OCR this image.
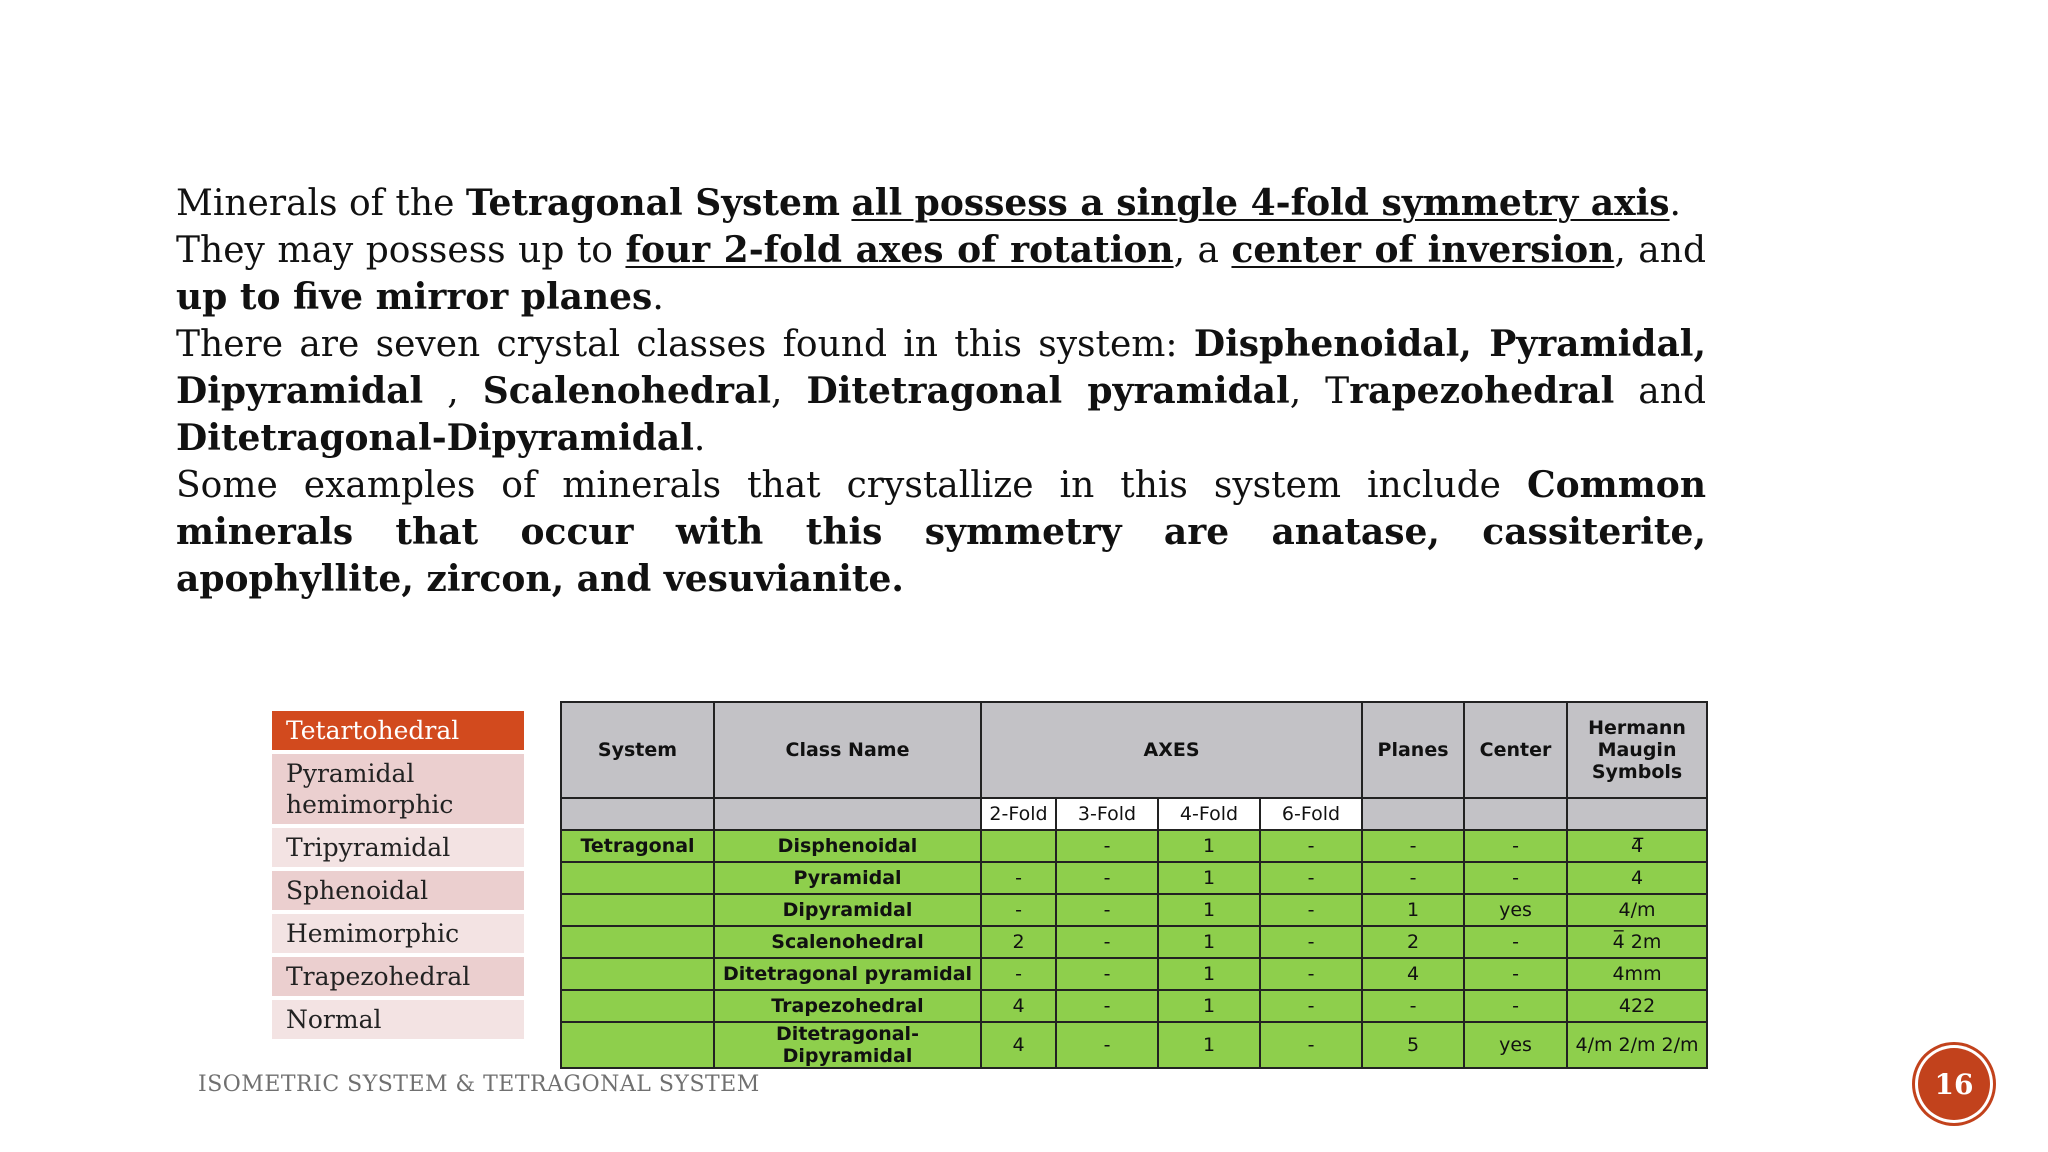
Minerals of the Tetragonal System all possess a single 4-fold symmetry axis.

They may possess up to four 2-fold axes of rotation, a center of inversion, and up to five mirror planes.

There are seven crystal classes found in this system: Disphenoidal, Pyramidal, Dipyramidal , Scalenohedral, Ditetragonal pyramidal, Trapezohedral and Ditetragonal-Dipyramidal.

Some examples of minerals that crystallize in this system include Common minerals that occur with this symmetry are anatase, cassiterite, apophyllite, zircon, and vesuvianite.

Tetartohedral
Pyramidal hemimorphic
Tripyramidal
Sphenoidal
Hemimorphic
Trapezohedral
Normal
System	Class Name	AXES				Planes	Center	Hermann Maugin Symbols
		2-Fold	3-Fold	4-Fold	6-Fold			
Tetragonal	Disphenoidal		-	1	-	-	-	4̅
	Pyramidal	-	-	1	-	-	-	4
	Dipyramidal	-	-	1	-	1	yes	4/m
	Scalenohedral	2	-	1	-	2	-	4̅ 2m
	Ditetragonal pyramidal	-	-	1	-	4	-	4mm
	Trapezohedral	4	-	1	-	-	-	422
	Ditetragonal-Dipyramidal	4	-	1	-	5	yes	4/m 2/m 2/m
ISOMETRIC SYSTEM & TETRAGONAL SYSTEM	16
